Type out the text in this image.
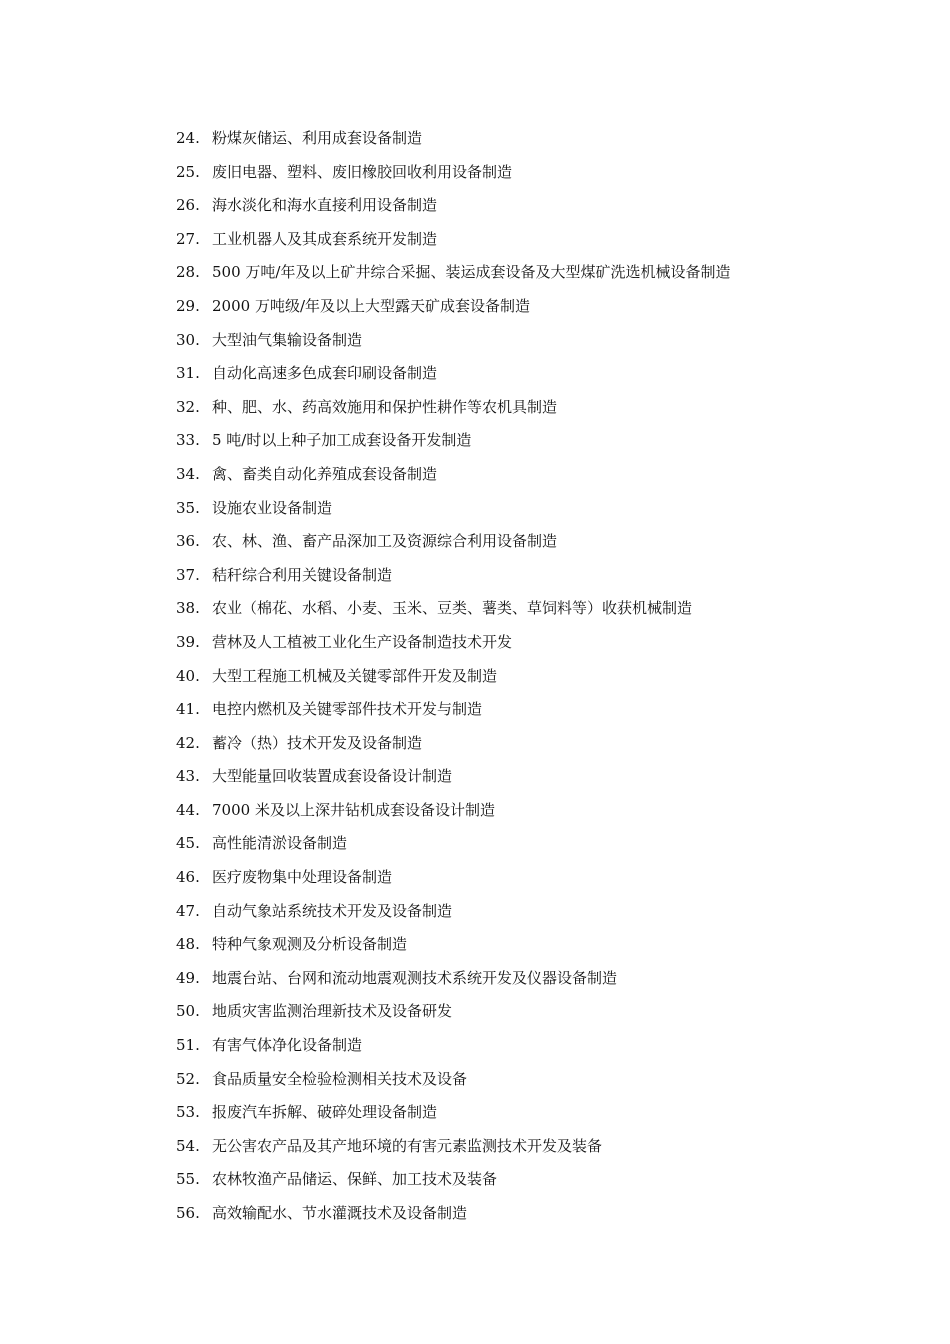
24. 粉煤灰储运、利用成套设备制造
25. 废旧电器、塑料、废旧橡胶回收利用设备制造
26. 海水淡化和海水直接利用设备制造
27. 工业机器人及其成套系统开发制造
28. 500 万吨/年及以上矿井综合采掘、装运成套设备及大型煤矿洗选机械设备制造
29. 2000 万吨级/年及以上大型露天矿成套设备制造
30. 大型油气集输设备制造
31. 自动化高速多色成套印刷设备制造
32. 种、肥、水、药高效施用和保护性耕作等农机具制造
33. 5 吨/时以上种子加工成套设备开发制造
34. 禽、畜类自动化养殖成套设备制造
35. 设施农业设备制造
36. 农、林、渔、畜产品深加工及资源综合利用设备制造
37. 秸秆综合利用关键设备制造
38. 农业（棉花、水稻、小麦、玉米、豆类、薯类、草饲料等）收获机械制造
39. 营林及人工植被工业化生产设备制造技术开发
40. 大型工程施工机械及关键零部件开发及制造
41. 电控内燃机及关键零部件技术开发与制造
42. 蓄冷（热）技术开发及设备制造
43. 大型能量回收装置成套设备设计制造
44. 7000 米及以上深井钻机成套设备设计制造
45. 高性能清淤设备制造
46. 医疗废物集中处理设备制造
47. 自动气象站系统技术开发及设备制造
48. 特种气象观测及分析设备制造
49. 地震台站、台网和流动地震观测技术系统开发及仪器设备制造
50. 地质灾害监测治理新技术及设备研发
51. 有害气体净化设备制造
52. 食品质量安全检验检测相关技术及设备
53. 报废汽车拆解、破碎处理设备制造
54. 无公害农产品及其产地环境的有害元素监测技术开发及装备
55. 农林牧渔产品储运、保鲜、加工技术及装备
56. 高效输配水、节水灌溉技术及设备制造
